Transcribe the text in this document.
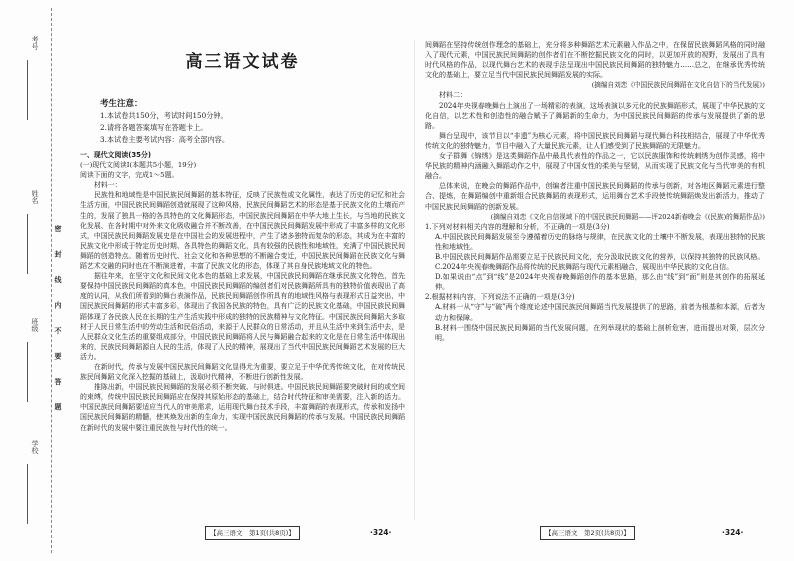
考号
姓名
班级
学校
密 封 线 内 不 要 答 题
高三语文试卷
考生注意：
1.本试卷共150分，考试时间150分钟。
2.请将各题答案填写在答题卡上。
3.本试卷主要考试内容：高考全部内容。
一、现代文阅读(35分)
(一)现代文阅读Ⅰ(本题共5小题，19分)
阅读下面的文字，完成1～5题。
材料一：

民族性和地域性是中国民族民间舞蹈的基本特征，反映了民族性或文化属性，表达了历史的记忆和社会生活方面，中国民族民间舞蹈创造就展现了这种风格，民族民间舞蹈艺术的形态是基于民族文化的土壤而产生的，发展了独具一格的各具特色的文化舞蹈形态，中国民族民间舞蹈在中华大地上生长，与当地的民族文化发展、在各时期中对外来文化吸收融合并不断改善，在中国民族民间舞蹈发展中形成了丰富多样的文化形式，中国民族民间舞蹈发展史是在中国社会的发展进程中，产生了诸多独特而复杂的形态，其成为在丰富的民族文化中形成于特定历史时期、各具特色的舞蹈文化，具有较强的民族性和地域性，充满了中国民族民间舞蹈的创造特点。随着历史时代、社会文化和各种思想的不断融合变迁，中国民族民间舞蹈在民族文化与舞蹈艺术交融的同时也在不断演进着，丰富了民族文化的形态，体现了其自身民族地域文化的特色。

据往年来，在坚守文化和民间文化本色的基础上求发展，中国民族民间舞蹈在继承民族文化特色，首先要保持中国民族民间舞蹈的真本色，中国民族民间舞蹈的编创者们对民族舞蹈所具有的独特价值表现出了高度的认同，从我们所看到的舞台表演作品，民族民间舞蹈创作所具有的地域性风格与表现形式日益突出，中国民族民间舞蹈的形式丰富多彩，体现出了我国各民族的特色，具有广泛的民族文化基础，中国民族民间舞蹈体现了各民族人民在长期的生产生活实践中形成的独特的民族精神与文化特征。中国民族民间舞蹈大多取材于人民日常生活中的劳动生活和民俗活动，来源于人民群众的日常活动，并且从生活中来到生活中去，是人民群众文化生活的重要组成部分，中国民族民间舞蹈将人民与舞蹈融合起来的文化是在日常生活中体现出来的，民族民间舞蹈源自人民的生活，体现了人民的精神，展现出了当代中国民族民间舞蹈艺术发展的巨大活力。

在新时代，传承与发展中国民族民间舞蹈文化显得尤为重要，要立足于中华优秀传统文化，在对传统民族民间舞蹈文化深入挖掘的基础上，汲取时代精神，不断进行创新性发展。

推陈出新，中国民族民间舞蹈的发展必须不断突破、与时俱进。中国民族民间舞蹈要突破时间的或空间的束缚，传统中国民族民间舞蹈应在保持其原始形态的基础上，结合时代特征和审美需要，注入新的活力。中国民族民间舞蹈要适应当代人的审美需求，运用现代舞台技术手段，丰富舞蹈的表现形式，传承和发扬中国民族民间舞蹈的精髓，使其焕发出新的生命力，实现中国民族民间舞蹈的传承与发展。中国民族民间舞蹈在新时代的发展中要注重民族性与时代性的统一。

【高三语文　第1页(共8页)】	·324·

间舞蹈在坚持传统创作理念的基础上，充分将多种舞蹈艺术元素融入作品之中，在保留民族舞蹈风格的同时融入了现代元素，中国民族民间舞蹈的创作者们在不断挖掘民族文化的同时，以更加开放的视野，发展出了具有时代风格的作品，以现代舞台艺术的表现手法呈现出中国民族民间舞蹈的独特魅力……总之，在继承优秀传统文化的基础上，要立足当代中国民族民间舞蹈发展的实际。

(摘编自刘恋《中国民族民间舞蹈在文化自信下的当代发展》)
材料二：

2024年央视春晚舞台上演出了一场精彩的表演，这场表演以多元化的民族舞蹈形式，展现了中华民族的文化自信，以艺术性和创造性的融合赋予了舞蹈新的生命力，为中国民族民间舞蹈的传承与发展提供了新的思路。

舞台呈现中，该节目以“非遗”为核心元素，将中国民族民间舞蹈与现代舞台科技相结合，展现了中华优秀传统文化的独特魅力，节目中融入了大量民族元素，让人们感受到了民族舞蹈的无限魅力。

女子群舞《锦绣》是这类舞蹈作品中最具代表性的作品之一，它以民族服饰和传统刺绣为创作灵感，将中华民族的精神内涵融入舞蹈动作之中，展现了中国女性的柔美与坚韧，从而实现了民族文化与当代审美的有机融合。

总体来说，在晚会的舞蹈作品中，创编者注重中国民族民间舞蹈的传承与创新，对各地区舞蹈元素进行整合、提炼，在舞蹈编创中重新组合民族舞蹈的表现形式，运用舞台艺术手段使传统舞蹈焕发出新活力，推动了中国民族民间舞蹈的创新发展。

(摘编自刘恋《文化自信视域下的中国民族民间舞蹈——评2024新春晚会《(民族)的舞蹈作品》)
1.下列对材料相关内容的理解和分析，不正确的一项是(3分)

A.中国民族民间舞蹈发展至今遵循着历史的脉络与规律，在民族文化的土壤中不断发展，表现出独特的民族性和地域性。

B.中国民族民间舞蹈作品需要立足于民族民间文化，充分汲取民族文化的营养，以保持其独特的民族风格。

C.2024年央视春晚舞蹈作品将传统的民族舞蹈与现代元素相融合，展现出中华民族的文化自信。

D.如果说由“点”到“线”是2024年央视春晚舞蹈创作的基本思路，那么由“线”到“面”则是其创作的拓展延伸。

2.根据材料内容，下列说法不正确的一项是(3分)

A.材料一从“守”与“破”两个维度论述中国民族民间舞蹈当代发展提供了的思路，前者为根基和本源，后者为动力和保障。

B.材料一围绕中国民族民间舞蹈的当代发展问题，在列举现状的基础上剖析危害，进而提出对策，层次分明。

【高三语文　第2页(共8页)】	·324·
